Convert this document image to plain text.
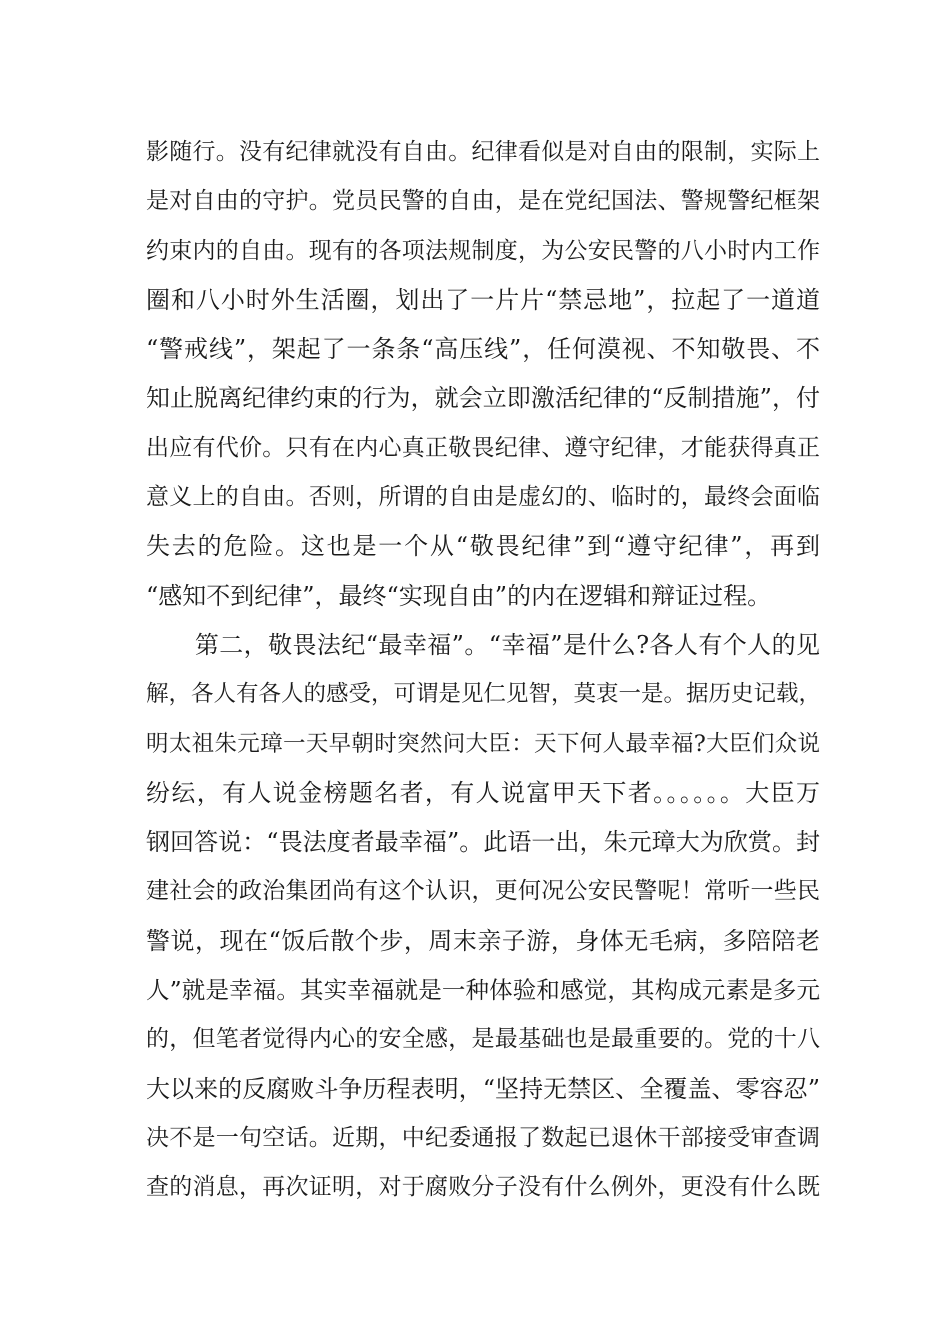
影随行。没有纪律就没有自由。纪律看似是对自由的限制，实际上
是对自由的守护。党员民警的自由，是在党纪国法、警规警纪框架
约束内的自由。现有的各项法规制度，为公安民警的八小时内工作
圈和八小时外生活圈，划出了一片片“禁忌地”，拉起了一道道
“警戒线”，架起了一条条“高压线”，任何漠视、不知敬畏、不
知止脱离纪律约束的行为，就会立即激活纪律的“反制措施”，付
出应有代价。只有在内心真正敬畏纪律、遵守纪律，才能获得真正
意义上的自由。否则，所谓的自由是虚幻的、临时的，最终会面临
失去的危险。这也是一个从“敬畏纪律”到“遵守纪律”，再到
“感知不到纪律”，最终“实现自由”的内在逻辑和辩证过程。
　　第二，敬畏法纪“最幸福”。“幸福”是什么?各人有个人的见
解，各人有各人的感受，可谓是见仁见智，莫衷一是。据历史记载，
明太祖朱元璋一天早朝时突然问大臣：天下何人最幸福?大臣们众说
纷纭，有人说金榜题名者，有人说富甲天下者。。。。。。大臣万
钢回答说：“畏法度者最幸福”。此语一出，朱元璋大为欣赏。封
建社会的政治集团尚有这个认识，更何况公安民警呢！常听一些民
警说，现在“饭后散个步，周末亲子游，身体无毛病，多陪陪老
人”就是幸福。其实幸福就是一种体验和感觉，其构成元素是多元
的，但笔者觉得内心的安全感，是最基础也是最重要的。党的十八
大以来的反腐败斗争历程表明，“坚持无禁区、全覆盖、零容忍”
决不是一句空话。近期，中纪委通报了数起已退休干部接受审查调
查的消息，再次证明，对于腐败分子没有什么例外，更没有什么既
